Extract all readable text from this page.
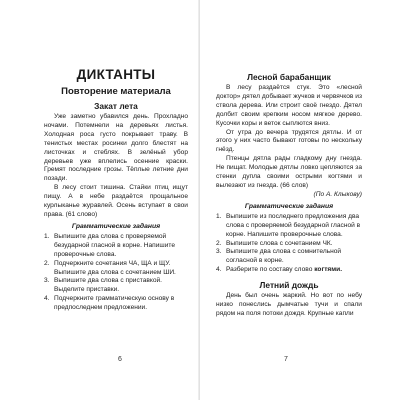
ДИКТАНТЫ
Повторение материала
Закат лета

Уже заметно убавился день. Прохладно ночами. Потемнели на деревьях листья. Холодная роса густо покрывает траву. В тенистых местах росинки долго блестят на листочках и стеблях. В зелёный убор деревьев уже вплелись осенние краски. Гремят последние грозы. Тёплые летние дни позади.

В лесу стоит тишина. Стайки птиц ищут пищу. А в небе раздаётся прощальное курлыканье журавлей. Осень вступает в свои права. (61 слово)

Грамматические задания
1. Выпишите два слова с проверяемой безударной гласной в корне. Напишите проверочные слова.
2. Подчеркните сочетания ЧА, ЩА и ЩУ. Выпишите два слова с сочетанием ШИ.
3. Выпишите два слова с приставкой. Выделите приставки.
4. Подчеркните грамматическую основу в предпоследнем предложении.
6
Лесной барабанщик

В лесу раздаётся стук. Это «лесной доктор» дятел добывает жучков и червячков из ствола дерева. Или строит своё гнездо. Дятел долбит своим крепким носом мягкое дерево. Кусочки коры и веток сыплются вниз.

От утра до вечера трудятся дятлы. И от этого у них часто бывают готовы по нескольку гнёзд.

Птенцы дятла рады гладкому дну гнезда. Не пищат. Молодые дятлы ловко цепляются за стенки дупла своими острыми когтями и вылезают из гнезда. (66 слов)

(По А. Клыкову)
Грамматические задания
1. Выпишите из последнего предложения два слова с проверяемой безударной гласной в корне. Напишите проверочные слова.
2. Выпишите слова с сочетанием ЧК.
3. Выпишите два слова с сомнительной согласной в корне.
4. Разберите по составу слово когтями.
Летний дождь

День был очень жаркий. Но вот по небу низко понеслись дымчатые тучи и спали рядом на поля потоки дождя. Крупные капли

7
